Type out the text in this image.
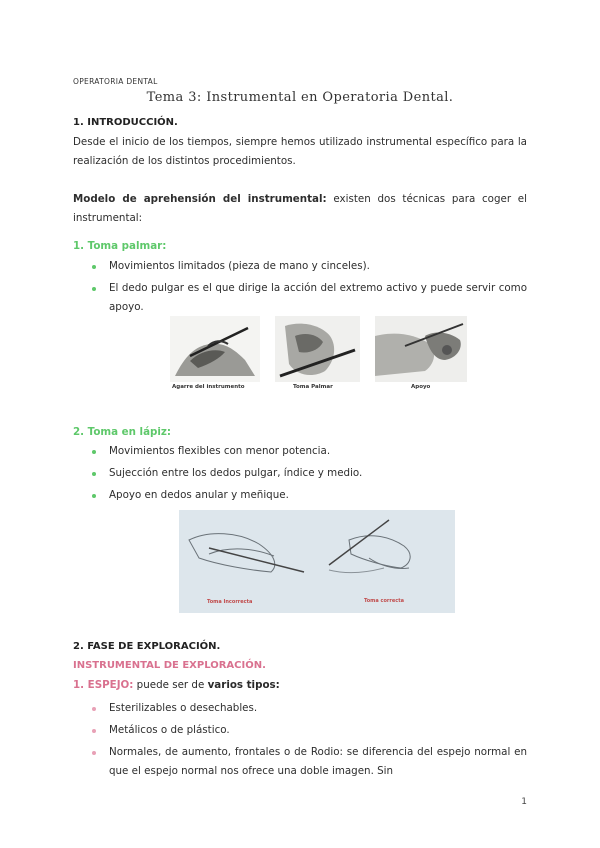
OPERATORIA DENTAL
Tema 3: Instrumental en Operatoria Dental.
1. INTRODUCCIÓN.
Desde el inicio de los tiempos, siempre hemos utilizado instrumental específico para la realización de los distintos procedimientos.
Modelo de aprehensión del instrumental: existen dos técnicas para coger el instrumental:
1. Toma palmar:
Movimientos limitados (pieza de mano y cinceles).
El dedo pulgar es el que dirige la acción del extremo activo y puede servir como apoyo.
Agarre del instrumento	Toma Palmar	Apoyo
2. Toma en lápiz:
Movimientos flexibles con menor potencia.
Sujección entre los dedos pulgar, índice y medio.
Apoyo en dedos anular y meñique.
Toma Incorrecta	Toma correcta
2. FASE DE EXPLORACIÓN.
INSTRUMENTAL DE EXPLORACIÓN.
1. ESPEJO: puede ser de varios tipos:
Esterilizables o desechables.
Metálicos o de plástico.
Normales, de aumento, frontales o de Rodio: se diferencia del espejo normal en que el espejo normal nos ofrece una doble imagen. Sin
1
